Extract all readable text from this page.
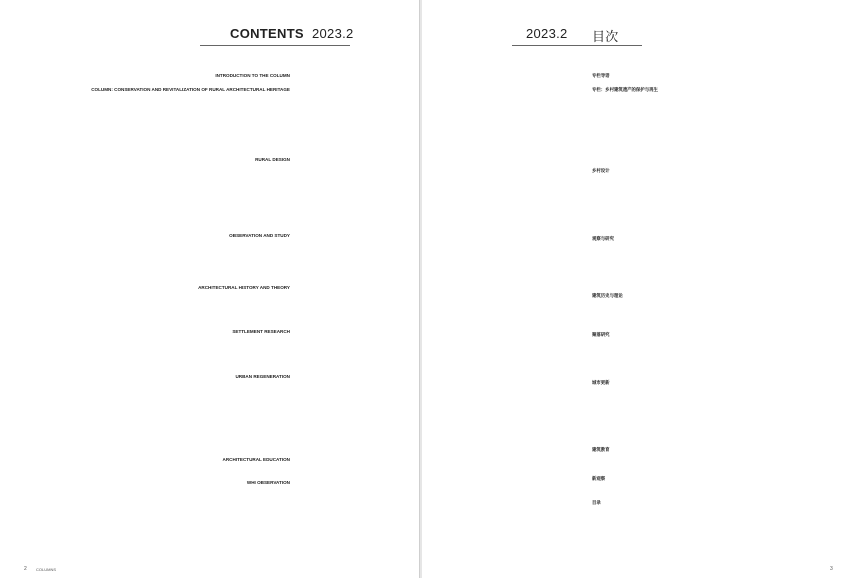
CONTENTS 2023.2
INTRODUCTION TO THE COLUMN
COLUMN: CONSERVATION AND REVITALIZATION OF RURAL ARCHITECTURAL HERITAGE
RURAL DESIGN
OBSERVATION AND STUDY
ARCHITECTURAL HISTORY AND THEORY
SETTLEMENT RESEARCH
URBAN REGENERATION
ARCHITECTURAL EDUCATION
WHI OBSERVATION
2 COLUMNS
2023.2 目次
专栏导语
专栏：乡村建筑遗产的保护与再生
乡村设计
观察与研究
建筑历史与理论
聚落研究
城市更新
建筑教育
新观察
目录
3
